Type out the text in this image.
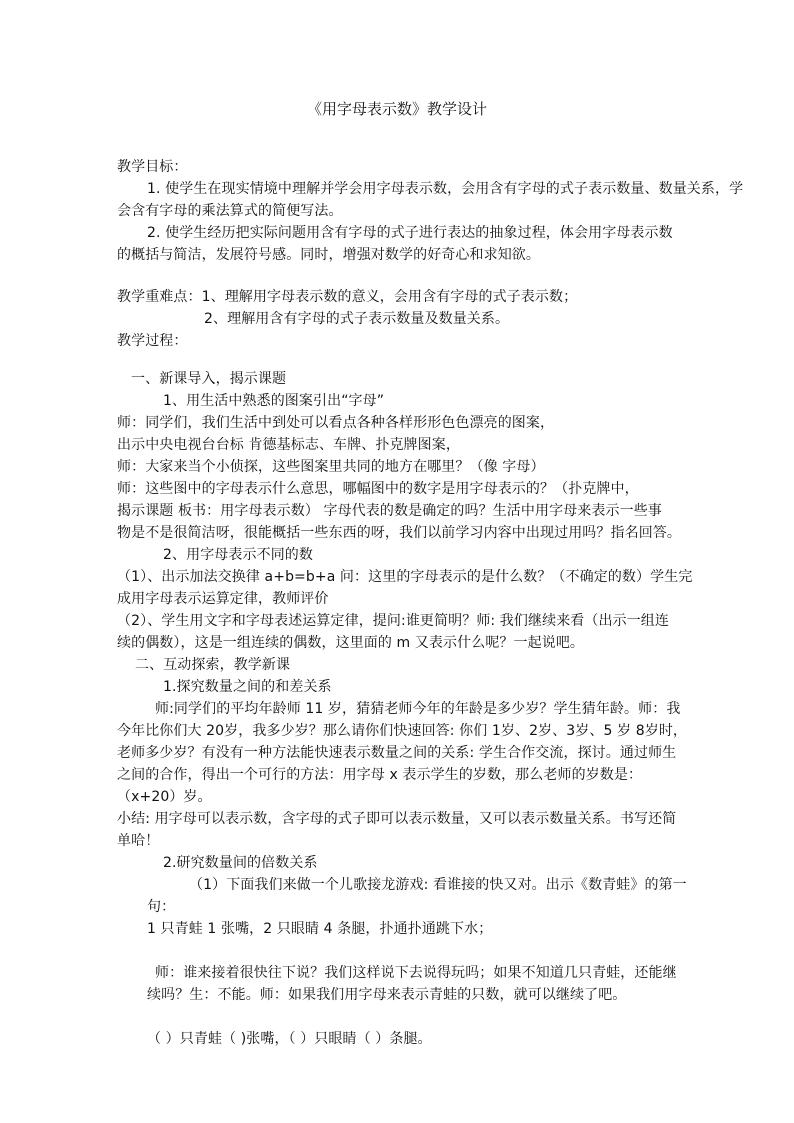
《用字母表示数》教学设计
教学目标：
1. 使学生在现实情境中理解并学会用字母表示数，会用含有字母的式子表示数量、数量关系，学
会含有字母的乘法算式的简便写法。
2. 使学生经历把实际问题用含有字母的式子进行表达的抽象过程，体会用字母表示数
的概括与简洁，发展符号感。同时，增强对数学的好奇心和求知欲。
教学重难点：1、理解用字母表示数的意义，会用含有字母的式子表示数；
2、理解用含有字母的式子表示数量及数量关系。
教学过程：
一、新课导入，揭示课题
1、用生活中熟悉的图案引出“字母”
师：同学们，我们生活中到处可以看点各种各样形形色色漂亮的图案，
出示中央电视台台标 肯德基标志、车牌、扑克牌图案，
师：大家来当个小侦探，这些图案里共同的地方在哪里？（像 字母）
师：这些图中的字母表示什么意思，哪幅图中的数字是用字母表示的？（扑克牌中，
揭示课题 板书：用字母表示数） 字母代表的数是确定的吗？生活中用字母来表示一些事
物是不是很简洁呀，很能概括一些东西的呀，我们以前学习内容中出现过用吗？指名回答。
2、用字母表示不同的数
（1）、出示加法交换律 a+b=b+a 问：这里的字母表示的是什么数？（不确定的数）学生完
成用字母表示运算定律，教师评价
（2）、学生用文字和字母表述运算定律，提问:谁更简明？师: 我们继续来看（出示一组连
续的偶数），这是一组连续的偶数，这里面的 m 又表示什么呢？一起说吧。
二、互动探索，教学新课
1.探究数量之间的和差关系
师:同学们的平均年龄师 11 岁，猜猜老师今年的年龄是多少岁？学生猜年龄。师：我
今年比你们大 20岁，我多少岁？那么请你们快速回答: 你们 1岁、2岁、3岁、5 岁 8岁时，
老师多少岁？有没有一种方法能快速表示数量之间的关系: 学生合作交流，探讨。通过师生
之间的合作，得出一个可行的方法：用字母 x 表示学生的岁数，那么老师的岁数是：
（x+20）岁。
小结: 用字母可以表示数，含字母的式子即可以表示数量，又可以表示数量关系。书写还简
单哈！
2.研究数量间的倍数关系
（1）下面我们来做一个儿歌接龙游戏: 看谁接的快又对。出示《数青蛙》的第一
句：
1 只青蛙 1 张嘴，2 只眼睛 4 条腿，扑通扑通跳下水；
师：谁来接着很快往下说？我们这样说下去说得玩吗；如果不知道几只青蛙，还能继
续吗？生：不能。师：如果我们用字母来表示青蛙的只数，就可以继续了吧。
（ ）只青蛙（ )张嘴，（ ）只眼睛（ ）条腿。
